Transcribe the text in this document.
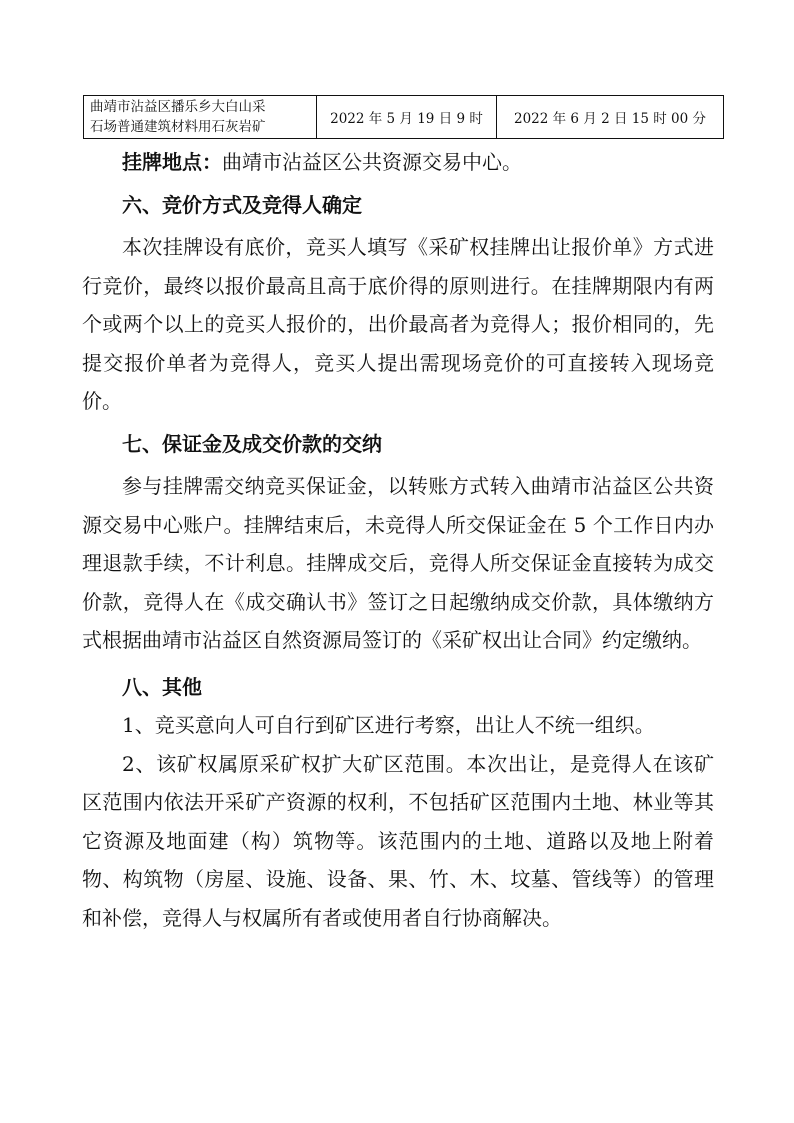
曲靖市沾益区播乐乡大白山采
石场普通建筑材料用石灰岩矿	2022 年 5 月 19 日 9 时	2022 年 6 月 2 日 15 时 00 分

挂牌地点：曲靖市沾益区公共资源交易中心。

六、竞价方式及竞得人确定

本次挂牌设有底价，竞买人填写《采矿权挂牌出让报价单》方式进行竞价，最终以报价最高且高于底价得的原则进行。在挂牌期限内有两个或两个以上的竞买人报价的，出价最高者为竞得人；报价相同的，先提交报价单者为竞得人，竞买人提出需现场竞价的可直接转入现场竞价。

七、保证金及成交价款的交纳

参与挂牌需交纳竞买保证金，以转账方式转入曲靖市沾益区公共资源交易中心账户。挂牌结束后，未竞得人所交保证金在 5 个工作日内办理退款手续，不计利息。挂牌成交后，竞得人所交保证金直接转为成交价款，竞得人在《成交确认书》签订之日起缴纳成交价款，具体缴纳方式根据曲靖市沾益区自然资源局签订的《采矿权出让合同》约定缴纳。

八、其他

1、竞买意向人可自行到矿区进行考察，出让人不统一组织。

2、该矿权属原采矿权扩大矿区范围。本次出让，是竞得人在该矿区范围内依法开采矿产资源的权利，不包括矿区范围内土地、林业等其它资源及地面建（构）筑物等。该范围内的土地、道路以及地上附着物、构筑物（房屋、设施、设备、果、竹、木、坟墓、管线等）的管理和补偿，竞得人与权属所有者或使用者自行协商解决。
